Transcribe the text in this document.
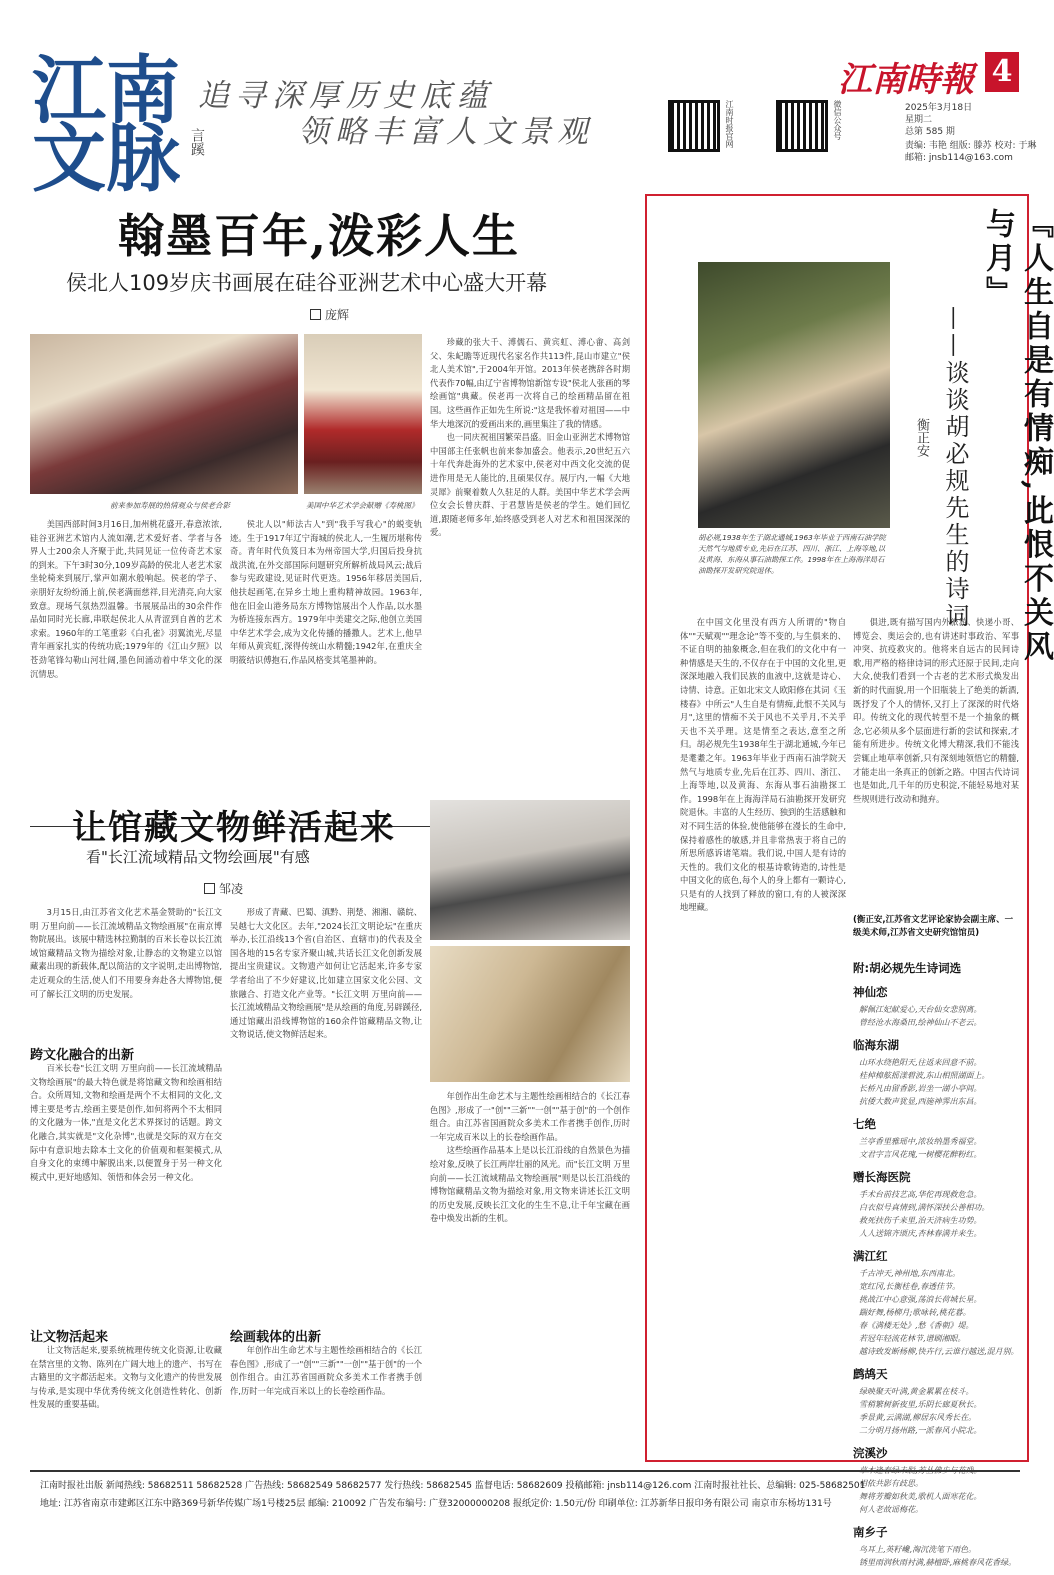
江南
文脉 言蹊
追寻深厚历史底蕴
领略丰富人文景观	江南时报官网	微信公众号
江南時報 4
2025年3月18日
星期二
总第 585 期
责编: 韦艳 组版: 滕苏 校对: 于琳
邮箱: jnsb114@163.com
翰墨百年,泼彩人生
侯北人109岁庆书画展在硅谷亚洲艺术中心盛大开幕
庞辉
前来参加寿展的热情观众与侯老合影	美国中华艺术学会献赠《寿桃图》

美国西部时间3月16日,加州桃花盛开,春意浓浓,硅谷亚洲艺术馆内人流如潮,艺术爱好者、学者与各界人士200余人齐聚于此,共同见证一位传奇艺术家的到来。下午3时30分,109岁高龄的侯北人老艺术家坐轮椅来到展厅,掌声如潮水般响起。侯老的学子、亲朋好友纷纷涌上前,侯老满面慈祥,目光清亮,向大家致意。现场气氛热烈温馨。书展展品出的30余件作品如同时光长廊,串联起侯北人从青涩到自酋的艺术求索。1960年的工笔重彩《白孔雀》羽翼流光,尽显青年画家扎实的传统功底;1979年的《江山夕照》以苍劲笔锋勾勒山河壮阔,墨色间涌动着中华文化的深沉情思。

侯北人以"师法古人"到"我手写我心"的蜕变轨迹。生于1917年辽宁海城的侯北人,一生履历堪称传奇。青年时代负笈日本为州帝国大学,归国后投身抗战洪流,在外交部国际问题研究所解析战局风云;战后参与宪政建设,见证时代更迭。1956年移居美国后,他扶起画笔,在异乡土地上重构精神故园。1963年,他在旧金山港务局东方博物馆展出个人作品,以水墨为桥连接东西方。1979年中美建交之际,他创立美国中华艺术学会,成为文化传播的播撒人。艺术上,他早年师从黄宾虹,深得传统山水精髓;1942年,在重庆全明筱结识傅抱石,作品风格变其笔墨神韵。

珍藏的张大千、溥儒石、黄宾虹、溥心畬、高剑父、朱屺瞻等近现代名家名作共113件,昆山市建立"侯北人美术馆",于2004年开馆。2013年侯老携辞各时期代表作70幅,由辽宁省博物馆新馆专设"侯北人张画的琴绘画馆"典藏。侯老再一次将自己的绘画精品留在祖国。这些画作正如先生所说:"这是我怀着对祖国——中华大地深沉的爱画出来的,画里集注了我的情感。

也一同庆祝祖国繁荣昌盛。旧金山亚洲艺术博物馆中国部主任张帆也前来参加盛会。他表示,20世纪五六十年代奔赴海外的艺术家中,侯老对中西文化交流的促进作用是无人能比的,且硕果仅存。展厅内,一幅《大地灵犀》前聚着数人久驻足的人群。美国中华艺术学会两位女会长曾庆群、于君慧皆是侯老的学生。她们回忆道,跟随老师多年,始终感受到老人对艺术和祖国深深的爱。

让馆藏文物鲜活起来
看"长江流域精品文物绘画展"有感
邹凌

3月15日,由江苏省文化艺术基金赞助的"长江文明 万里向前——长江流域精品文物绘画展"在南京博物院展出。该展中精选林拉勤制的百米长卷以长江流域馆藏精品文物为描绘对象,让静态的文物建立以馆藏素出现的新载体,配以简洁的文字说明,走出博物馆,走近观众的生活,使人们不用要身奔赴各大博物馆,便可了解长江文明的历史发展。

跨文化融合的出新

百米长卷"长江文明 万里向前——长江流域精品文物绘画展"的最大特色就是将馆藏文物和绘画相结合。众所周知,文物和绘画是两个不太相同的文化,文博主要是考古,绘画主要是创作,如何将两个不太相同的文化融为一体,"直是文化艺术界探讨的话题。跨文化融合,其实就是"文化杂博",也就是交际的双方在交际中有意识地去除本土文化的价值观和框架模式,从自身文化的束缚中解脱出来,以便置身于另一种文化模式中,更好地感知、领悟和体会另一种文化。

让文物活起来

让文物活起来,要系统梳理传统文化资源,让收藏在禁宫里的文物、陈列在广阔大地上的遗产、书写在古籍里的文字都活起来。文物与文化遗产的传世发展与传承,是实现中华优秀传统文化创造性转化、创新性发展的重要基础。

形成了青藏、巴蜀、滇黔、荆楚、湘湘、赣皖、吴越七大文化区。去年,"2024长江文明论坛"在重庆举办,长江沿线13个省(自治区、直辖市)的代表及全国各地的15名专家齐聚山城,共话长江文化创新发展提出宝贵建议。文物遗产如何让它活起来,许多专家学者给出了不少好建议,比如建立国家文化公园、文旅融合、打造文化产业等。"长江文明 万里向前——长江流域精品文物绘画展"是从绘画的角度,另辟蹊径,通过馆藏出沿线博物馆的160余件馆藏精品文物,让文物说话,使文物鲜活起来。

绘画载体的出新

年创作出生命艺术与主题性绘画相结合的《长江春色图》,形成了一"创""三新""一创""基于创"的一个创作组合。由江苏省国画院众多美术工作者携手创作,历时一年完成百米以上的长卷绘画作品。

年创作出生命艺术与主题性绘画相结合的《长江春色图》,形成了一"创""三新""一创""基于创"的一个创作组合。由江苏省国画院众多美术工作者携手创作,历时一年完成百米以上的长卷绘画作品。

这些绘画作品基本上是以长江沿线的自然景色为描绘对象,反映了长江两岸壮丽的风光。而"长江文明 万里向前——长江流域精品文物绘画展"则是以长江沿线的博物馆藏精品文物为描绘对象,用文物来讲述长江文明的历史发展,反映长江文化的生生不息,让千年宝藏在画卷中焕发出新的生机。

『人生自是有情痴,此恨不关风与月』
——谈谈胡必规先生的诗词
衡正安
胡必规,1938年生于湖北通城,1963年毕业于西南石油学院天然气与地质专业,先后在江苏、四川、浙江、上海等地,以及黄海、东海从事石油勘探工作。1998年在上海海洋局石油勘探开发研究院退休。

在中国文化里没有西方人所谓的"物自体""天赋观""理念论"等不变的,与生俱来的、不证自明的抽象概念,但在我们的文化中有一种情感是天生的,不仅存在于中国的文化里,更深深地融入我们民族的血液中,这就是诗心、诗情、诗意。正如北宋文人欧阳修在其词《玉楼春》中所云"人生自是有情痴,此恨不关风与月",这里的情痴不关于风也不关乎月,不关乎天也不关乎理。这是情至之表达,意至之所归。胡必规先生1938年生于湖北通城,今年已是耄耋之年。1963年毕业于西南石油学院天然气与地质专业,先后在江苏、四川、浙江、上海等地,以及黄海、东海从事石油勘探工作。1998年在上海海洋局石油勘探开发研究院退休。丰富的人生经历、独到的生活感触和对不同生活的体验,使他能够在漫长的生命中,保持着感性的敏感,并且非常热衷于将自己的所思所感诉诸笔端。我们说,中国人是有诗的天性的。我们文化的根基诗歌铸造的,诗性是中国文化的底色,每个人的身上都有一颗诗心,只是有的人找到了释放的窗口,有的人被深深地埋藏。

俱进,既有描写国内外旅游、快递小哥、博览会、奥运会的,也有讲述时事政治、军事冲突、抗疫救灾的。他将来自远古的民间诗歌,用严格的格律诗词的形式还原于民间,走向大众,使我们看到一个古老的艺术形式焕发出新的时代面貌,用一个旧瓶装上了绝美的新酒,既抒发了个人的情怀,又打上了深深的时代烙印。传统文化的现代转型不是一个抽象的概念,它必须从多个层面进行新的尝试和探索,才能有所进步。传统文化博大精深,我们不能浅尝辄止地草率创新,只有深刻地领悟它的精髓,才能走出一条真正的创新之路。中国古代诗词也是如此,几千年的历史积淀,不能轻易地对某些规则进行改动和抛弃。

(衡正安,江苏省文艺评论家协会副主席、一级美术师,江苏省文史研究馆馆员)
附:胡必规先生诗词选
神仙恋
解佩江妃献爱心,天台仙女悲别离。
曾经沧水海桑田,绘神仙山不老云。
临海东湖
山环水绕艳阳天,往返来回意不前。
桂棹樟舷摇漾碧波,东山相照湖面上。
长桥凡由留香影,岩坐一湖小亭间。
抗倭大数声犹显,西施神霁出东昌。
七绝
兰亭香里雅瑶中,浓妆纳墨秀福堂。
文君字言风花瑰,一树樱花醉粉红。
赠长海医院
手术台前技艺高,华佗再现救危急。
白衣似号真情到,满怀深扶公善相功。
救死扶伤千来里,治天济病生功势。
人人送锦齐颂庆,杏林春满并来生。
满江红
千古冲天,神州地,东西南北。
宽红冈,长衡桂卷,春透佳节。
挑战江中心意强,荡浪长荷城长星。
踹好舞,杨柳月;歌咏转,桃花暮。
春《满楼无处》,愁《香朝》堤。
若冠年轻流花林节,谱刷湘眼。
越诗致发断杨柳,快卉行,云谁行越送,混月别。
鹧鸪天
绿映聚天叶满,黄金累累在枝斗。
雪稍繁树新夜里,乐阴长廊夏秋长。
季景黄,云满湖,柳居东风秀长在。
二分明月扬州路,一派春风小院北。
浣溪沙
相依共影有歧思。
舞将芳瓣如秋美,歌机人面寒花化。
何人老故谣梅花。
南乡子
鸟耳上,英籽巉,淘沉洗笔下雨色。
锈里雨润秋雨衬满,赫檀卧,麻桃春风花香绿。
江南时报社出版 新闻热线: 58682511 58682528 广告热线: 58682549 58682577 发行热线: 58682545 监督电话: 58682609 投稿邮箱: jnsb114@126.com 江南时报社社长、总编辑: 025-58682501
地址: 江苏省南京市建邺区江东中路369号新华传媒广场1号楼25层 邮编: 210092 广告发布编号: 广登32000000208 报纸定价: 1.50元/份 印刷单位: 江苏新华日报印务有限公司 南京市东杨坊131号
